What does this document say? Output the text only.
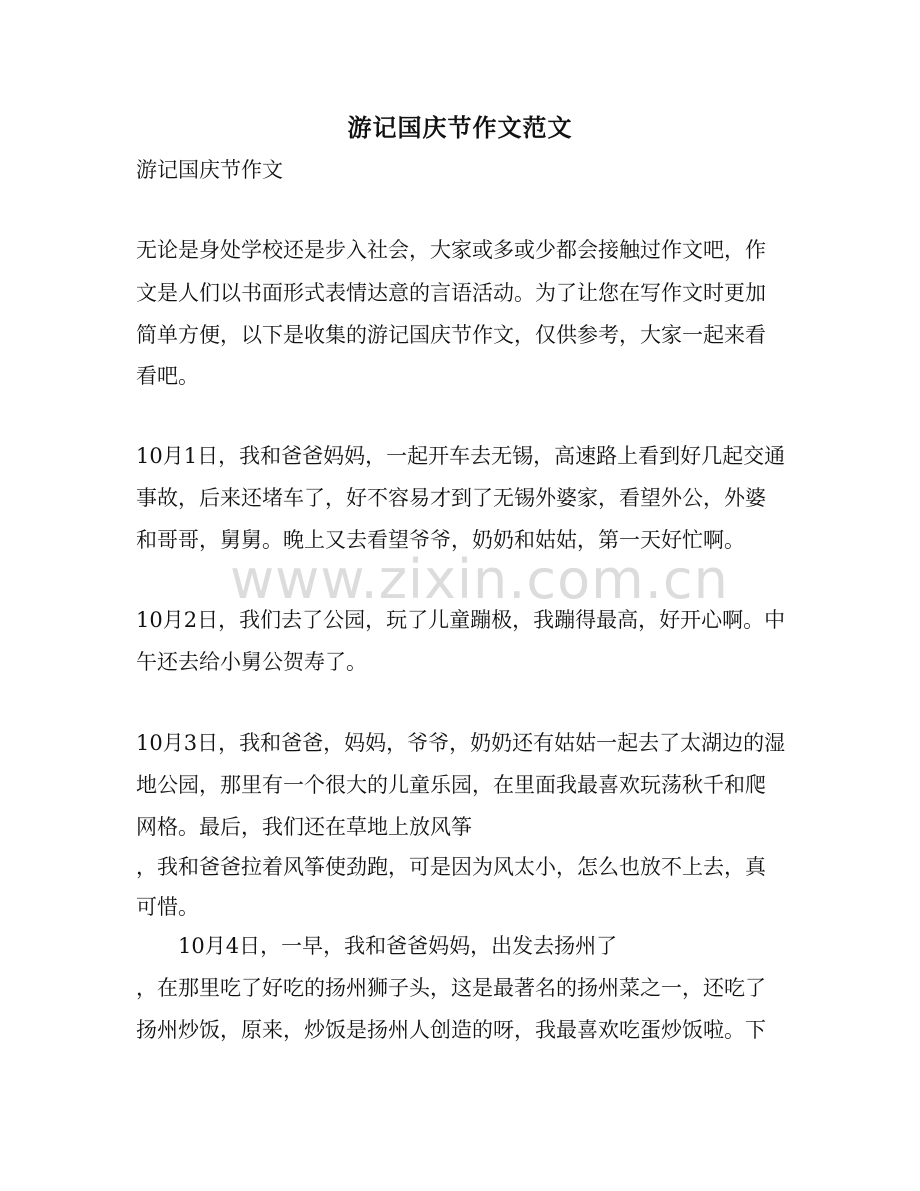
游记国庆节作文范文
游记国庆节作文
无论是身处学校还是步入社会，大家或多或少都会接触过作文吧，作
文是人们以书面形式表情达意的言语活动。为了让您在写作文时更加
简单方便，以下是收集的游记国庆节作文，仅供参考，大家一起来看
看吧。
10月1日，我和爸爸妈妈，一起开车去无锡，高速路上看到好几起交通
事故，后来还堵车了，好不容易才到了无锡外婆家，看望外公，外婆
和哥哥，舅舅。晚上又去看望爷爷，奶奶和姑姑，第一天好忙啊。
10月2日，我们去了公园，玩了儿童蹦极，我蹦得最高，好开心啊。中
午还去给小舅公贺寿了。
10月3日，我和爸爸，妈妈，爷爷，奶奶还有姑姑一起去了太湖边的湿
地公园，那里有一个很大的儿童乐园，在里面我最喜欢玩荡秋千和爬
网格。最后，我们还在草地上放风筝
，我和爸爸拉着风筝使劲跑，可是因为风太小，怎么也放不上去，真
可惜。
10月4日，一早，我和爸爸妈妈，出发去扬州了
，在那里吃了好吃的扬州狮子头，这是最著名的扬州菜之一，还吃了
扬州炒饭，原来，炒饭是扬州人创造的呀，我最喜欢吃蛋炒饭啦。下
www.zixin.com.cn
